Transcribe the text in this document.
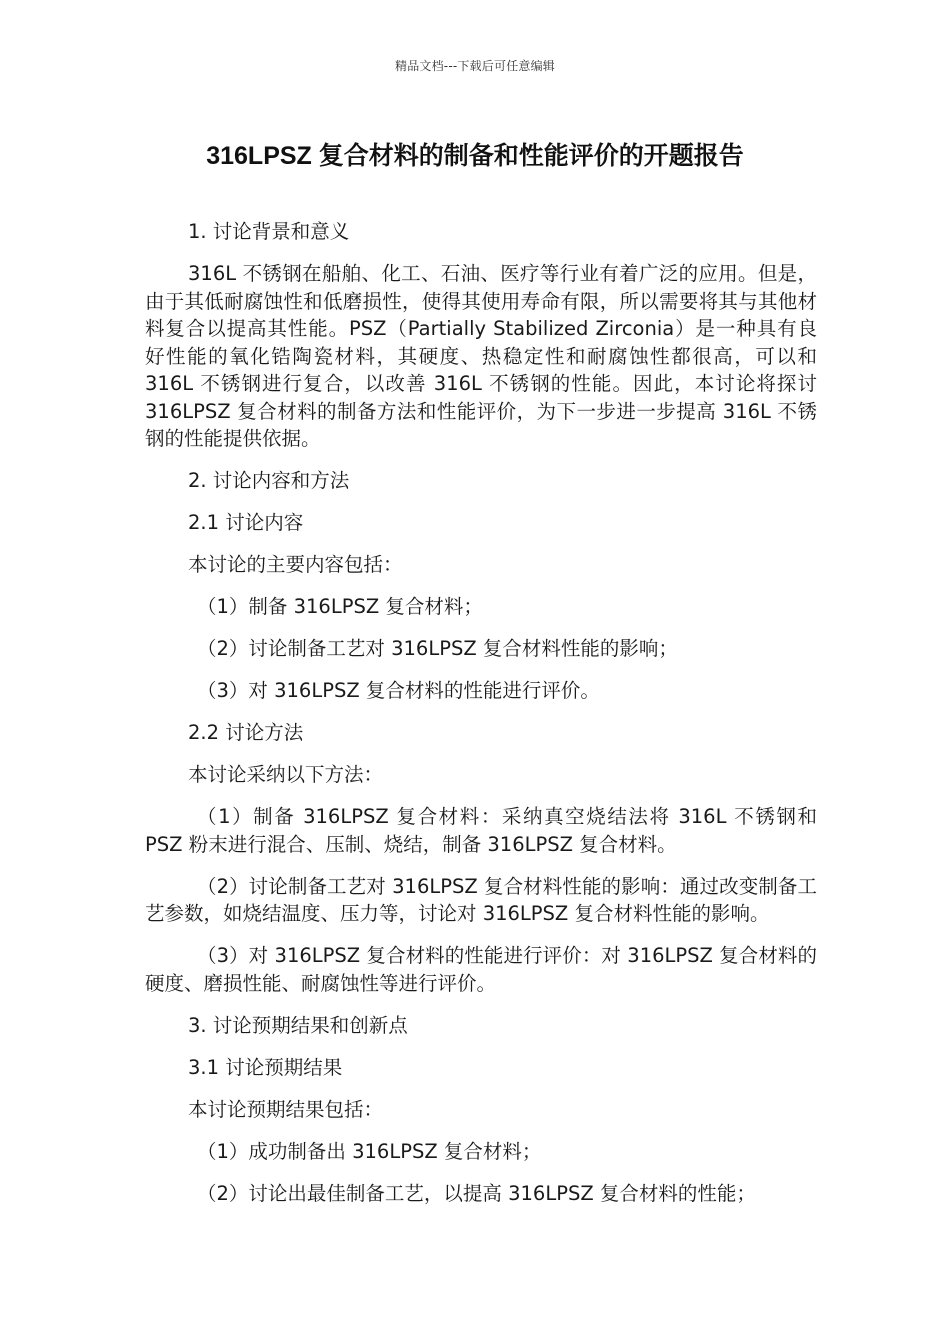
精品文档---下载后可任意编辑
316LPSZ 复合材料的制备和性能评价的开题报告

1. 讨论背景和意义

316L 不锈钢在船舶、化工、石油、医疗等行业有着广泛的应用。但是，由于其低耐腐蚀性和低磨损性，使得其使用寿命有限，所以需要将其与其他材料复合以提高其性能。PSZ（Partially Stabilized Zirconia）是一种具有良好性能的氧化锆陶瓷材料，其硬度、热稳定性和耐腐蚀性都很高，可以和 316L 不锈钢进行复合，以改善 316L 不锈钢的性能。因此，本讨论将探讨 316LPSZ 复合材料的制备方法和性能评价，为下一步进一步提高 316L 不锈钢的性能提供依据。

2. 讨论内容和方法

2.1 讨论内容

本讨论的主要内容包括：

（1）制备 316LPSZ 复合材料；

（2）讨论制备工艺对 316LPSZ 复合材料性能的影响；

（3）对 316LPSZ 复合材料的性能进行评价。

2.2 讨论方法

本讨论采纳以下方法：

（1）制备 316LPSZ 复合材料：采纳真空烧结法将 316L 不锈钢和 PSZ 粉末进行混合、压制、烧结，制备 316LPSZ 复合材料。

（2）讨论制备工艺对 316LPSZ 复合材料性能的影响：通过改变制备工艺参数，如烧结温度、压力等，讨论对 316LPSZ 复合材料性能的影响。

（3）对 316LPSZ 复合材料的性能进行评价：对 316LPSZ 复合材料的硬度、磨损性能、耐腐蚀性等进行评价。

3. 讨论预期结果和创新点

3.1 讨论预期结果

本讨论预期结果包括：

（1）成功制备出 316LPSZ 复合材料；

（2）讨论出最佳制备工艺，以提高 316LPSZ 复合材料的性能；
